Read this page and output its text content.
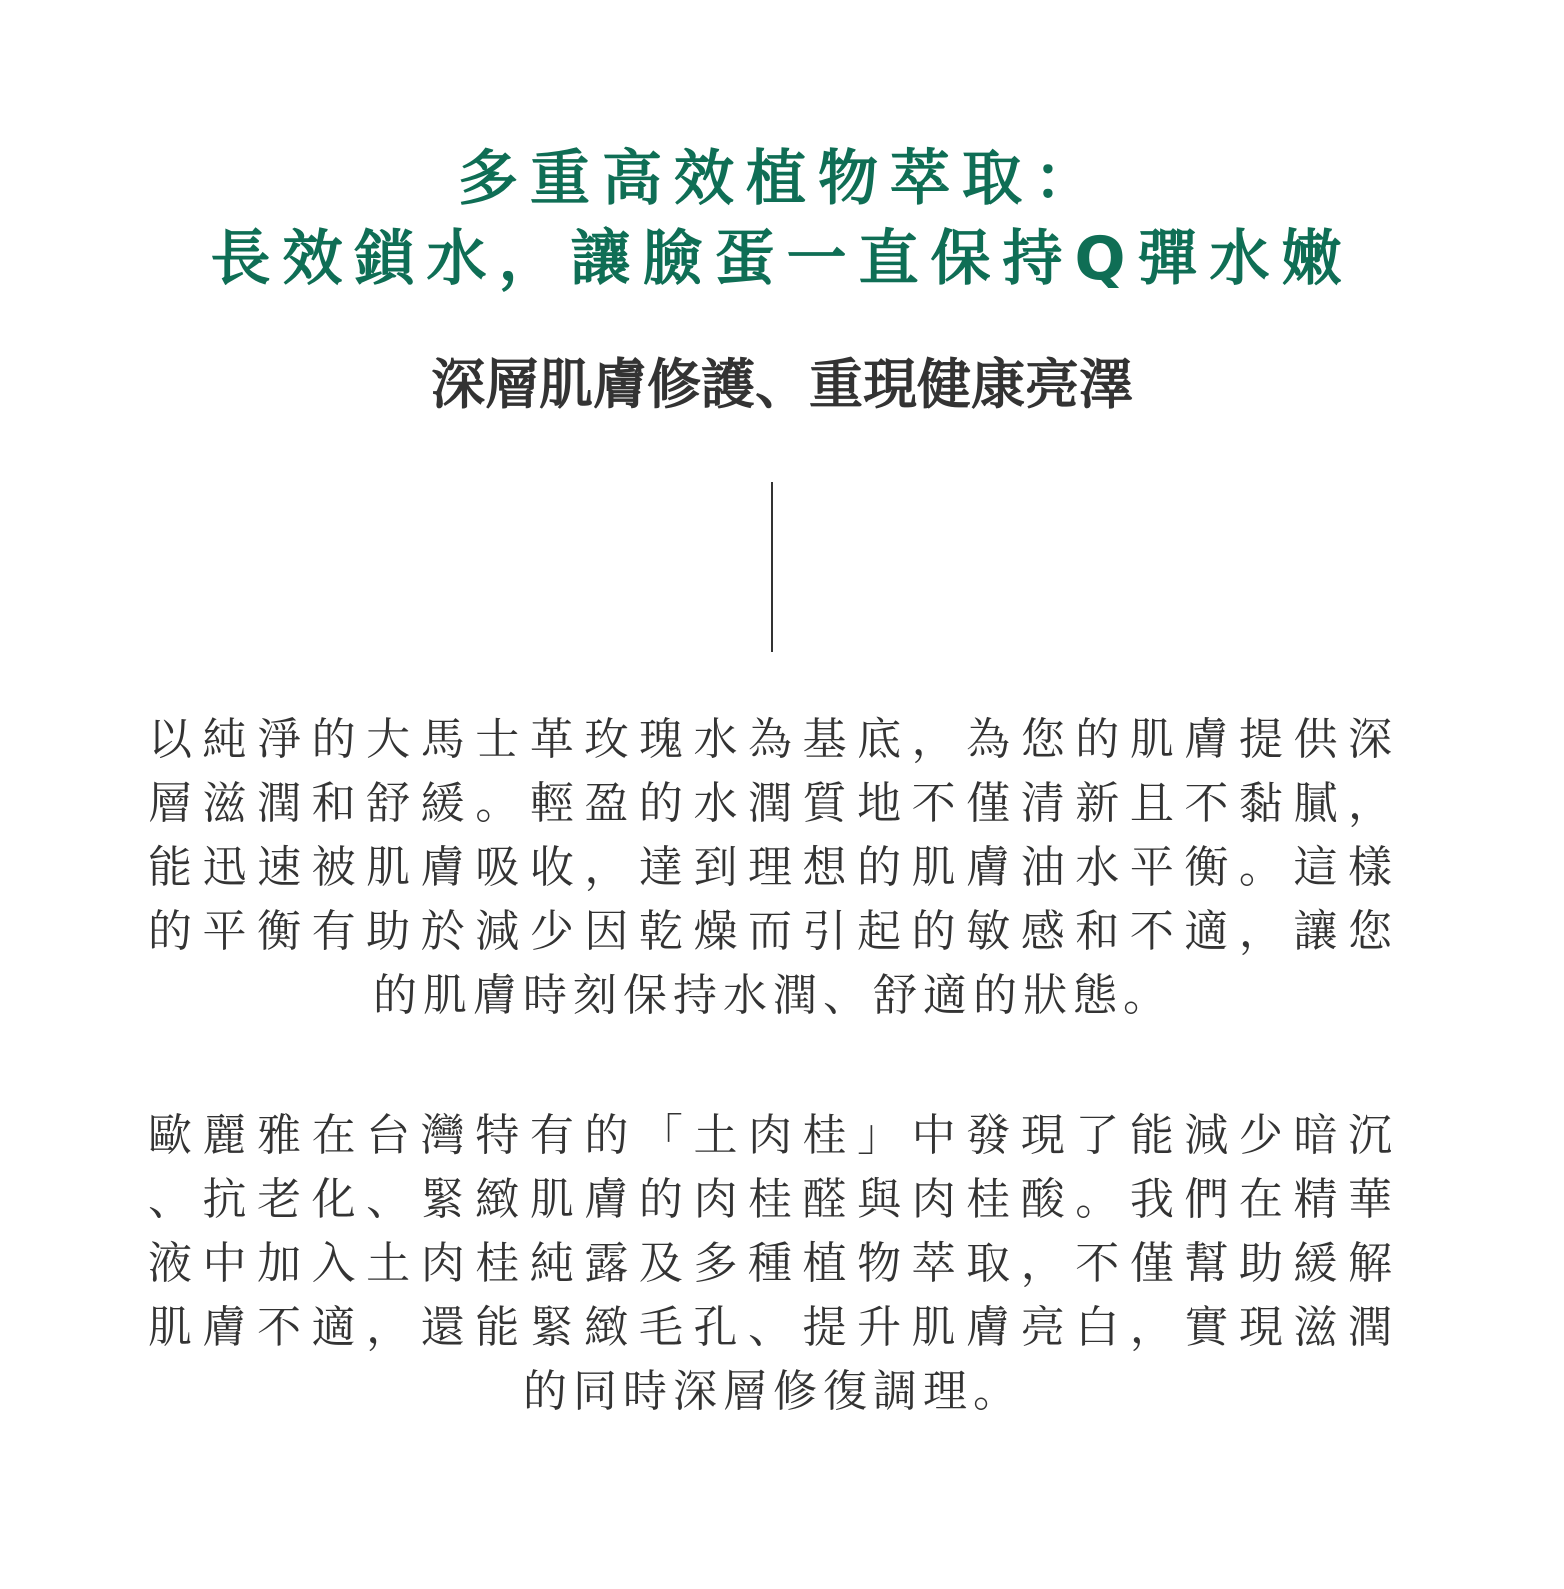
多重高效植物萃取：
長效鎖水，讓臉蛋一直保持Q彈水嫩
深層肌膚修護、重現健康亮澤

以純淨的大馬士革玫瑰水為基底，為您的肌膚提供深
層滋潤和舒緩。輕盈的水潤質地不僅清新且不黏膩，
能迅速被肌膚吸收，達到理想的肌膚油水平衡。這樣
的平衡有助於減少因乾燥而引起的敏感和不適，讓您
的肌膚時刻保持水潤、舒適的狀態。

歐麗雅在台灣特有的「土肉桂」中發現了能減少暗沉
、抗老化、緊緻肌膚的肉桂醛與肉桂酸。我們在精華
液中加入土肉桂純露及多種植物萃取，不僅幫助緩解
肌膚不適，還能緊緻毛孔、提升肌膚亮白，實現滋潤
的同時深層修復調理。
